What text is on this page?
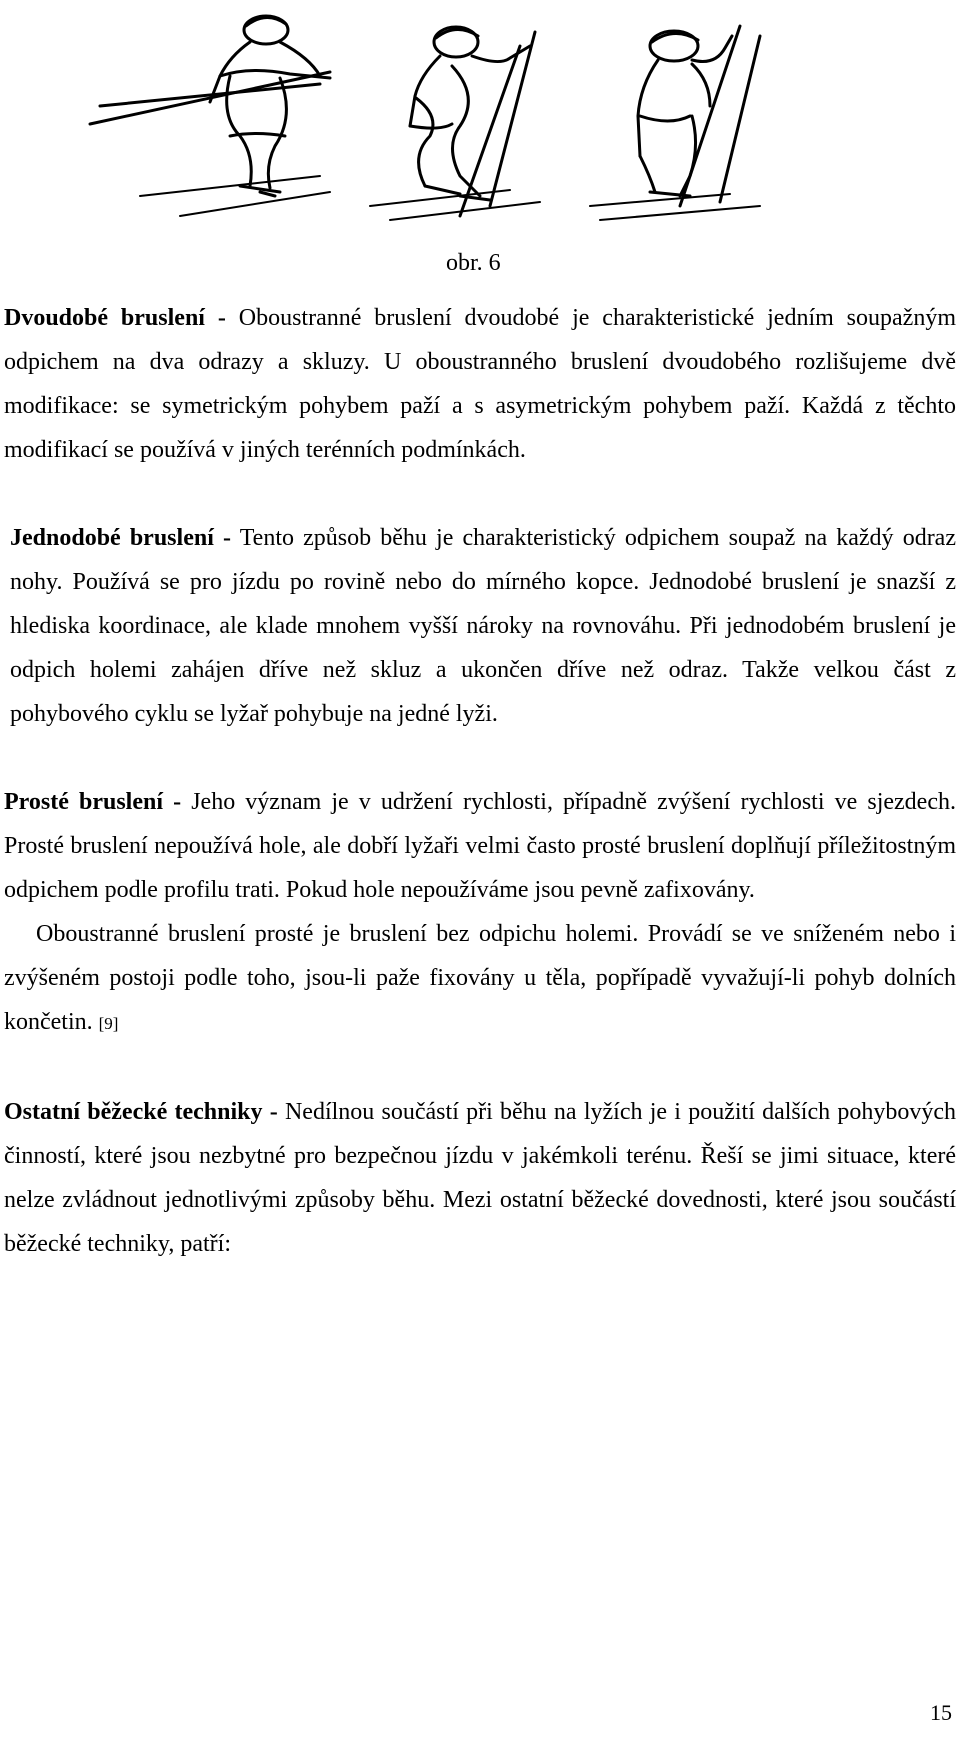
obr. 6

Dvoudobé bruslení - Oboustranné bruslení dvoudobé je charakteristické jedním soupažným odpichem na dva odrazy a skluzy. U oboustranného bruslení dvoudobého rozlišujeme dvě modifikace: se symetrickým pohybem paží a s asymetrickým pohybem paží. Každá z těchto modifikací se používá v jiných terénních podmínkách.

Jednodobé bruslení - Tento způsob běhu je charakteristický odpichem soupaž na každý odraz nohy. Používá se pro jízdu po rovině nebo do mírného kopce. Jednodobé bruslení je snazší z hlediska koordinace, ale klade mnohem vyšší nároky na rovnováhu. Při jednodobém bruslení je odpich holemi zahájen dříve než skluz a ukončen dříve než odraz. Takže velkou část z pohybového cyklu se lyžař pohybuje na jedné lyži.

Prosté bruslení - Jeho význam je v udržení rychlosti, případně zvýšení rychlosti ve sjezdech. Prosté bruslení nepoužívá hole, ale dobří lyžaři velmi často prosté bruslení doplňují příležitostným odpichem podle profilu trati. Pokud hole nepoužíváme jsou pevně zafixovány.

Oboustranné bruslení prosté je bruslení bez odpichu holemi. Provádí se ve sníženém nebo i zvýšeném postoji podle toho, jsou-li paže fixovány u těla, popřípadě vyvažují-li pohyb dolních končetin. [9]

Ostatní běžecké techniky - Nedílnou součástí při běhu na lyžích je i použití dalších pohybových činností, které jsou nezbytné pro bezpečnou jízdu v jakémkoli terénu. Řeší se jimi situace, které nelze zvládnout jednotlivými způsoby běhu. Mezi ostatní běžecké dovednosti, které jsou součástí běžecké techniky, patří:

15
